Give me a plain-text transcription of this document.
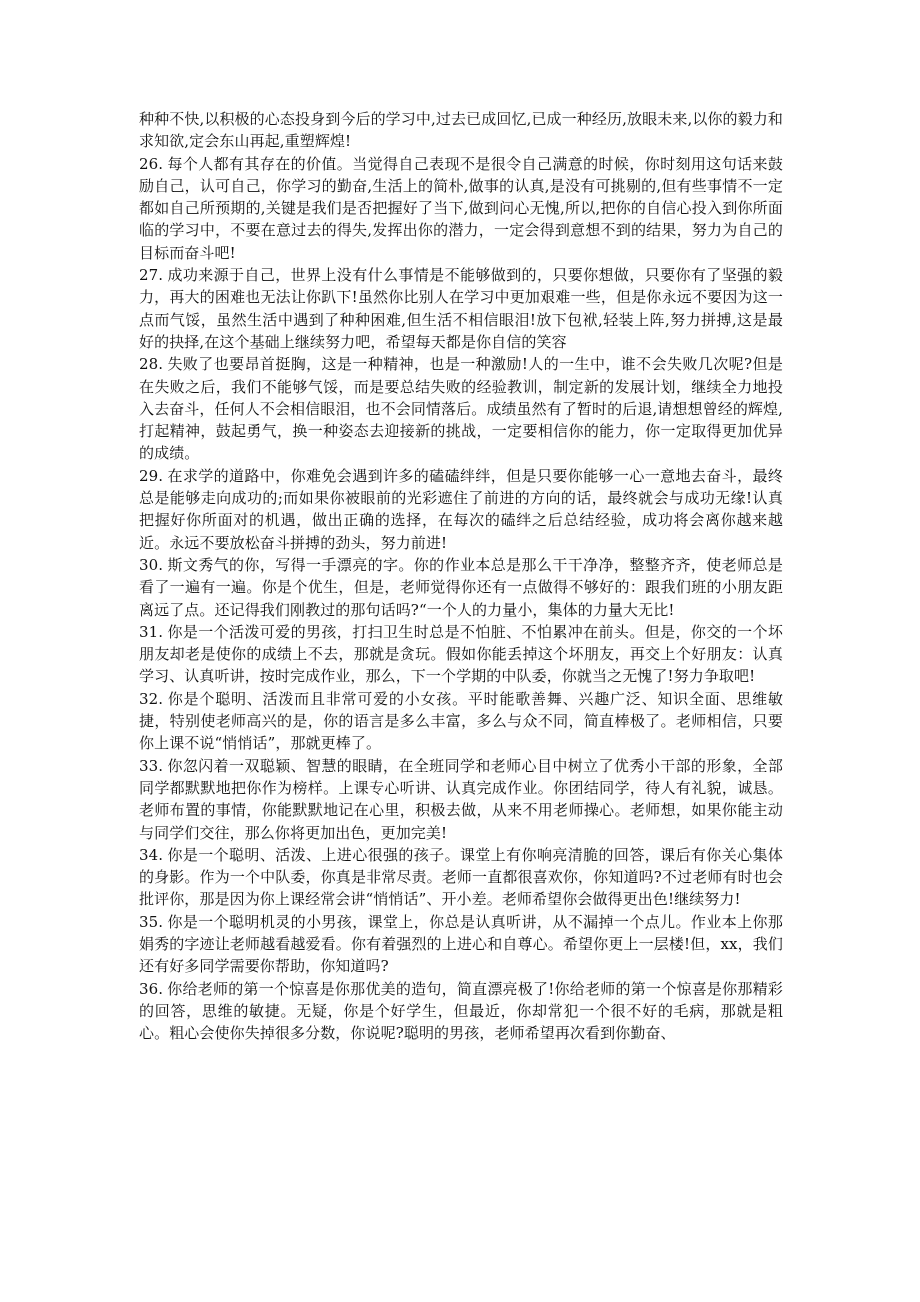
种种不快,以积极的心态投身到今后的学习中,过去已成回忆,已成一种经历,放眼未来,以你的毅力和求知欲,定会东山再起,重塑辉煌!

26. 每个人都有其存在的价值。当觉得自己表现不是很令自己满意的时候，你时刻用这句话来鼓励自己，认可自己，你学习的勤奋,生活上的简朴,做事的认真,是没有可挑剔的,但有些事情不一定都如自己所预期的,关键是我们是否把握好了当下,做到问心无愧,所以,把你的自信心投入到你所面临的学习中，不要在意过去的得失,发挥出你的潜力，一定会得到意想不到的结果，努力为自己的目标而奋斗吧!

27. 成功来源于自己，世界上没有什么事情是不能够做到的，只要你想做，只要你有了坚强的毅力，再大的困难也无法让你趴下!虽然你比别人在学习中更加艰难一些，但是你永远不要因为这一点而气馁，虽然生活中遇到了种种困难,但生活不相信眼泪!放下包袱,轻装上阵,努力拼搏,这是最好的抉择,在这个基础上继续努力吧，希望每天都是你自信的笑容

28. 失败了也要昂首挺胸，这是一种精神，也是一种激励!人的一生中，谁不会失败几次呢?但是在失败之后，我们不能够气馁，而是要总结失败的经验教训，制定新的发展计划，继续全力地投入去奋斗，任何人不会相信眼泪，也不会同情落后。成绩虽然有了暂时的后退,请想想曾经的辉煌,打起精神，鼓起勇气，换一种姿态去迎接新的挑战，一定要相信你的能力，你一定取得更加优异的成绩。

29. 在求学的道路中，你难免会遇到许多的磕磕绊绊，但是只要你能够一心一意地去奋斗，最终总是能够走向成功的;而如果你被眼前的光彩遮住了前进的方向的话，最终就会与成功无缘!认真把握好你所面对的机遇，做出正确的选择，在每次的磕绊之后总结经验，成功将会离你越来越近。永远不要放松奋斗拼搏的劲头，努力前进!

30. 斯文秀气的你，写得一手漂亮的字。你的作业本总是那么干干净净，整整齐齐，使老师总是看了一遍有一遍。你是个优生，但是，老师觉得你还有一点做得不够好的：跟我们班的小朋友距离远了点。还记得我们刚教过的那句话吗?“一个人的力量小，集体的力量大无比!

31. 你是一个活泼可爱的男孩，打扫卫生时总是不怕脏、不怕累冲在前头。但是，你交的一个坏朋友却老是使你的成绩上不去，那就是贪玩。假如你能丢掉这个坏朋友，再交上个好朋友：认真学习、认真听讲，按时完成作业，那么，下一个学期的中队委，你就当之无愧了!努力争取吧!

32. 你是个聪明、活泼而且非常可爱的小女孩。平时能歌善舞、兴趣广泛、知识全面、思维敏捷，特别使老师高兴的是，你的语言是多么丰富，多么与众不同，简直棒极了。老师相信，只要你上课不说“悄悄话”，那就更棒了。

33. 你忽闪着一双聪颖、智慧的眼睛，在全班同学和老师心目中树立了优秀小干部的形象，全部同学都默默地把你作为榜样。上课专心听讲、认真完成作业。你团结同学，待人有礼貌，诚恳。老师布置的事情，你能默默地记在心里，积极去做，从来不用老师操心。老师想，如果你能主动与同学们交往，那么你将更加出色，更加完美!

34. 你是一个聪明、活泼、上进心很强的孩子。课堂上有你响亮清脆的回答，课后有你关心集体的身影。作为一个中队委，你真是非常尽责。老师一直都很喜欢你，你知道吗?不过老师有时也会批评你，那是因为你上课经常会讲“悄悄话”、开小差。老师希望你会做得更出色!继续努力!

35. 你是一个聪明机灵的小男孩，课堂上，你总是认真听讲，从不漏掉一个点儿。作业本上你那娟秀的字迹让老师越看越爱看。你有着强烈的上进心和自尊心。希望你更上一层楼!但，xx，我们还有好多同学需要你帮助，你知道吗?

36. 你给老师的第一个惊喜是你那优美的造句，简直漂亮极了!你给老师的第一个惊喜是你那精彩的回答，思维的敏捷。无疑，你是个好学生，但最近，你却常犯一个很不好的毛病，那就是粗心。粗心会使你失掉很多分数，你说呢?聪明的男孩，老师希望再次看到你勤奋、
